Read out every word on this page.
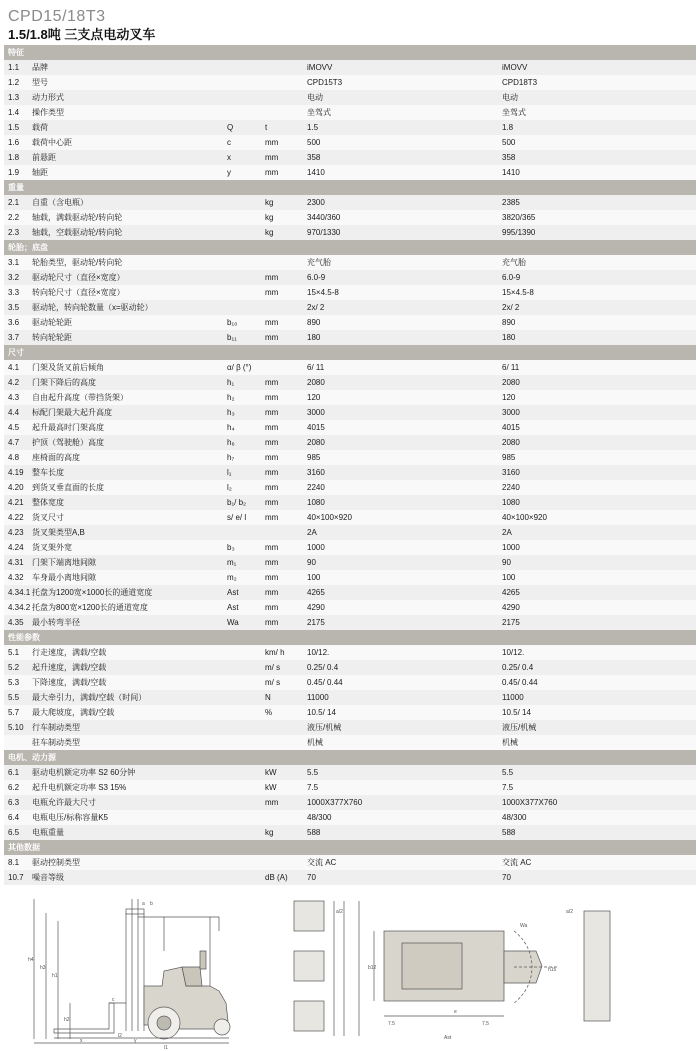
CPD15/18T3
1.5/1.8吨 三支点电动叉车
特征					
1.1	品牌			iMOVV	iMOVV
1.2	型号			CPD15T3	CPD18T3
1.3	动力形式			电动	电动
1.4	操作类型			坐驾式	坐驾式
1.5	载荷	Q	t	1.5	1.8
1.6	载荷中心距	c	mm	500	500
1.8	前悬距	x	mm	358	358
1.9	轴距	y	mm	1410	1410
重量					
2.1	自重（含电瓶）		kg	2300	2385
2.2	轴载，满载驱动轮/转向轮		kg	3440/360	3820/365
2.3	轴载，空载驱动轮/转向轮		kg	970/1330	995/1390
轮胎；底盘					
3.1	轮胎类型，驱动轮/转向轮			充气胎	充气胎
3.2	驱动轮尺寸（直径×宽度）		mm	6.0-9	6.0-9
3.3	转向轮尺寸（直径×宽度）		mm	15×4.5-8	15×4.5-8
3.5	驱动轮，转向轮数量（x=驱动轮）			2x/ 2	2x/ 2
3.6	驱动轮轮距	b₁₀	mm	890	890
3.7	转向轮轮距	b₁₁	mm	180	180
尺寸					
4.1	门架及货叉前后倾角	α/ β (°)		6/ 11	6/ 11
4.2	门架下降后的高度	h₁	mm	2080	2080
4.3	自由起升高度（带挡货架）	h₂	mm	120	120
4.4	标配门架最大起升高度	h₃	mm	3000	3000
4.5	起升最高时门架高度	h₄	mm	4015	4015
4.7	护顶（驾驶舱）高度	h₆	mm	2080	2080
4.8	座椅面的高度	h₇	mm	985	985
4.19	整车长度	l₁	mm	3160	3160
4.20	到货叉垂直面的长度	l₂	mm	2240	2240
4.21	整体宽度	b₁/ b₂	mm	1080	1080
4.22	货叉尺寸	s/ e/ l	mm	40×100×920	40×100×920
4.23	货叉架类型A,B			2A	2A
4.24	货叉架外宽	b₃	mm	1000	1000
4.31	门架下端离地间隙	m₁	mm	90	90
4.32	车身最小离地间隙	m₂	mm	100	100
4.34.1	托盘为1200宽×1000长的通道宽度	Ast	mm	4265	4265
4.34.2	托盘为800宽×1200长的通道宽度	Ast	mm	4290	4290
4.35	最小转弯半径	Wa	mm	2175	2175
性能参数					
5.1	行走速度，满载/空载		km/ h	10/12.	10/12.
5.2	起升速度，满载/空载		m/ s	0.25/ 0.4	0.25/ 0.4
5.3	下降速度，满载/空载		m/ s	0.45/ 0.44	0.45/ 0.44
5.5	最大牵引力，满载/空载（时间）		N	11000	11000
5.7	最大爬坡度，满载/空载		%	10.5/ 14	10.5/ 14
5.10	行车制动类型			液压/机械	液压/机械
	驻车制动类型			机械	机械
电机、动力源					
6.1	驱动电机额定功率 S2 60分钟		kW	5.5	5.5
6.2	起升电机额定功率 S3 15%		kW	7.5	7.5
6.3	电瓶允许最大尺寸		mm	1000X377X760	1000X377X760
6.4	电瓶电压/标称容量K5			48/300	48/300
6.5	电瓶重量		kg	588	588
其他数据					
8.1	驱动控制类型			交流 AC	交流 AC
10.7	噪音等级		dB (A)	70	70
h4
h3
h1
h2
x	y
l2
l1
c
a b
a/2	a/2
b12
Wa
h15
7.5	7.5
Ast
e
